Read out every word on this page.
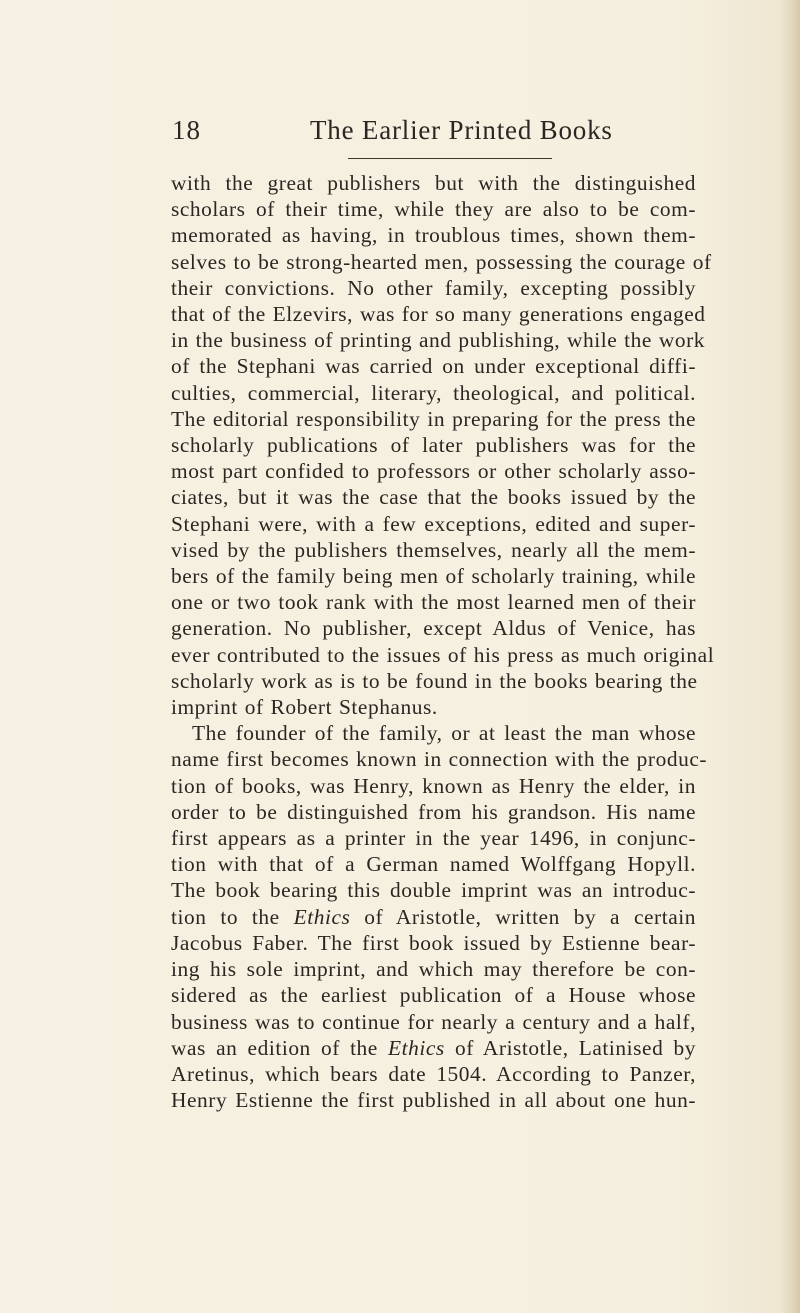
18	The Earlier Printed Books
with the great publishers but with the distinguished
scholars of their time, while they are also to be com-
memorated as having, in troublous times, shown them-
selves to be strong-hearted men, possessing the courage of
their convictions. No other family, excepting possibly
that of the Elzevirs, was for so many generations engaged
in the business of printing and publishing, while the work
of the Stephani was carried on under exceptional diffi-
culties, commercial, literary, theological, and political.
The editorial responsibility in preparing for the press the
scholarly publications of later publishers was for the
most part confided to professors or other scholarly asso-
ciates, but it was the case that the books issued by the
Stephani were, with a few exceptions, edited and super-
vised by the publishers themselves, nearly all the mem-
bers of the family being men of scholarly training, while
one or two took rank with the most learned men of their
generation. No publisher, except Aldus of Venice, has
ever contributed to the issues of his press as much original
scholarly work as is to be found in the books bearing the
imprint of Robert Stephanus.
The founder of the family, or at least the man whose
name first becomes known in connection with the produc-
tion of books, was Henry, known as Henry the elder, in
order to be distinguished from his grandson. His name
first appears as a printer in the year 1496, in conjunc-
tion with that of a German named Wolffgang Hopyll.
The book bearing this double imprint was an introduc-
tion to the Ethics of Aristotle, written by a certain
Jacobus Faber. The first book issued by Estienne bear-
ing his sole imprint, and which may therefore be con-
sidered as the earliest publication of a House whose
business was to continue for nearly a century and a half,
was an edition of the Ethics of Aristotle, Latinised by
Aretinus, which bears date 1504. According to Panzer,
Henry Estienne the first published in all about one hun-
